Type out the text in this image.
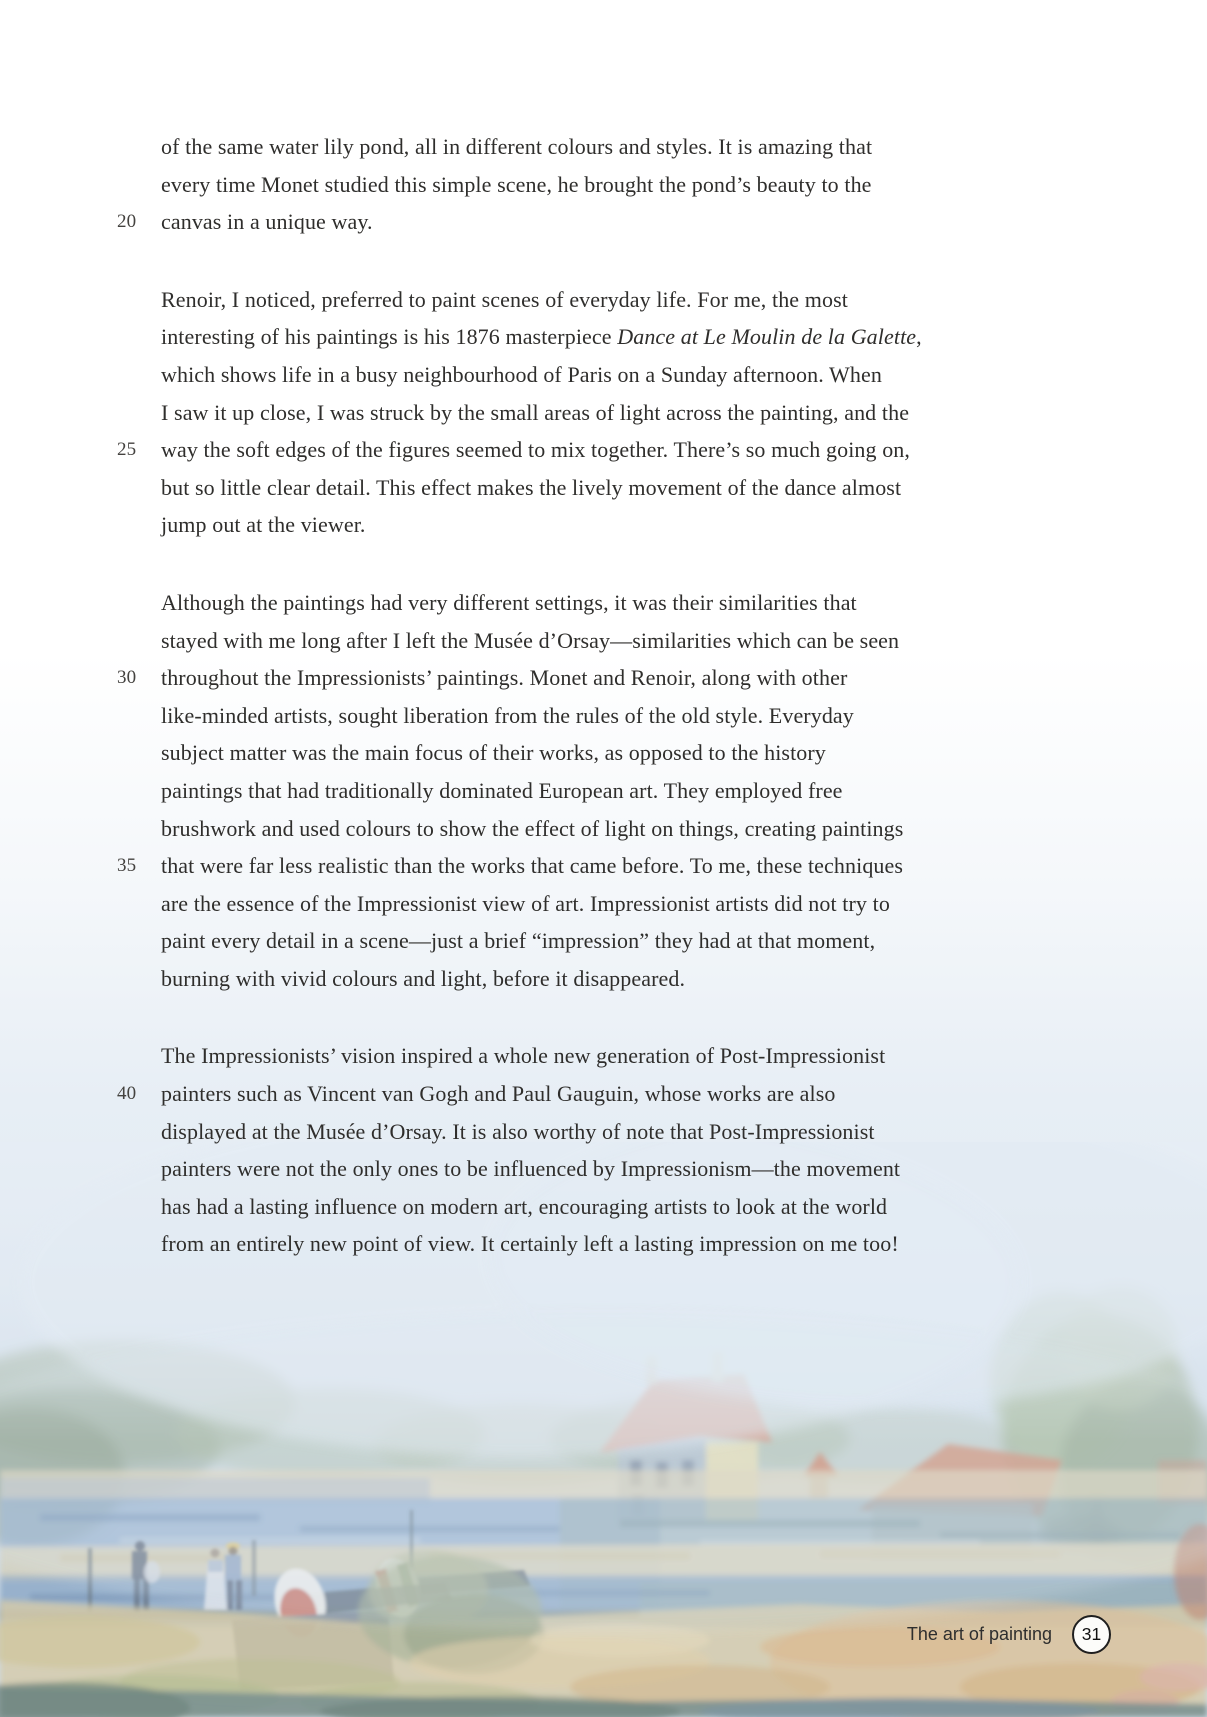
of the same water lily pond, all in different colours and styles. It is amazing that
every time Monet studied this simple scene, he brought the pond’s beauty to the
20 canvas in a unique way.
Renoir, I noticed, preferred to paint scenes of everyday life. For me, the most
interesting of his paintings is his 1876 masterpiece Dance at Le Moulin de la Galette,
which shows life in a busy neighbourhood of Paris on a Sunday afternoon. When
I saw it up close, I was struck by the small areas of light across the painting, and the
25 way the soft edges of the figures seemed to mix together. There’s so much going on,
but so little clear detail. This effect makes the lively movement of the dance almost
jump out at the viewer.
Although the paintings had very different settings, it was their similarities that
stayed with me long after I left the Musée d’Orsay—similarities which can be seen
30 throughout the Impressionists’ paintings. Monet and Renoir, along with other
like-minded artists, sought liberation from the rules of the old style. Everyday
subject matter was the main focus of their works, as opposed to the history
paintings that had traditionally dominated European art. They employed free
brushwork and used colours to show the effect of light on things, creating paintings
35 that were far less realistic than the works that came before. To me, these techniques
are the essence of the Impressionist view of art. Impressionist artists did not try to
paint every detail in a scene—just a brief “impression” they had at that moment,
burning with vivid colours and light, before it disappeared.
The Impressionists’ vision inspired a whole new generation of Post-Impressionist
40 painters such as Vincent van Gogh and Paul Gauguin, whose works are also
displayed at the Musée d’Orsay. It is also worthy of note that Post-Impressionist
painters were not the only ones to be influenced by Impressionism—the movement
has had a lasting influence on modern art, encouraging artists to look at the world
from an entirely new point of view. It certainly left a lasting impression on me too!
The art of painting	31
